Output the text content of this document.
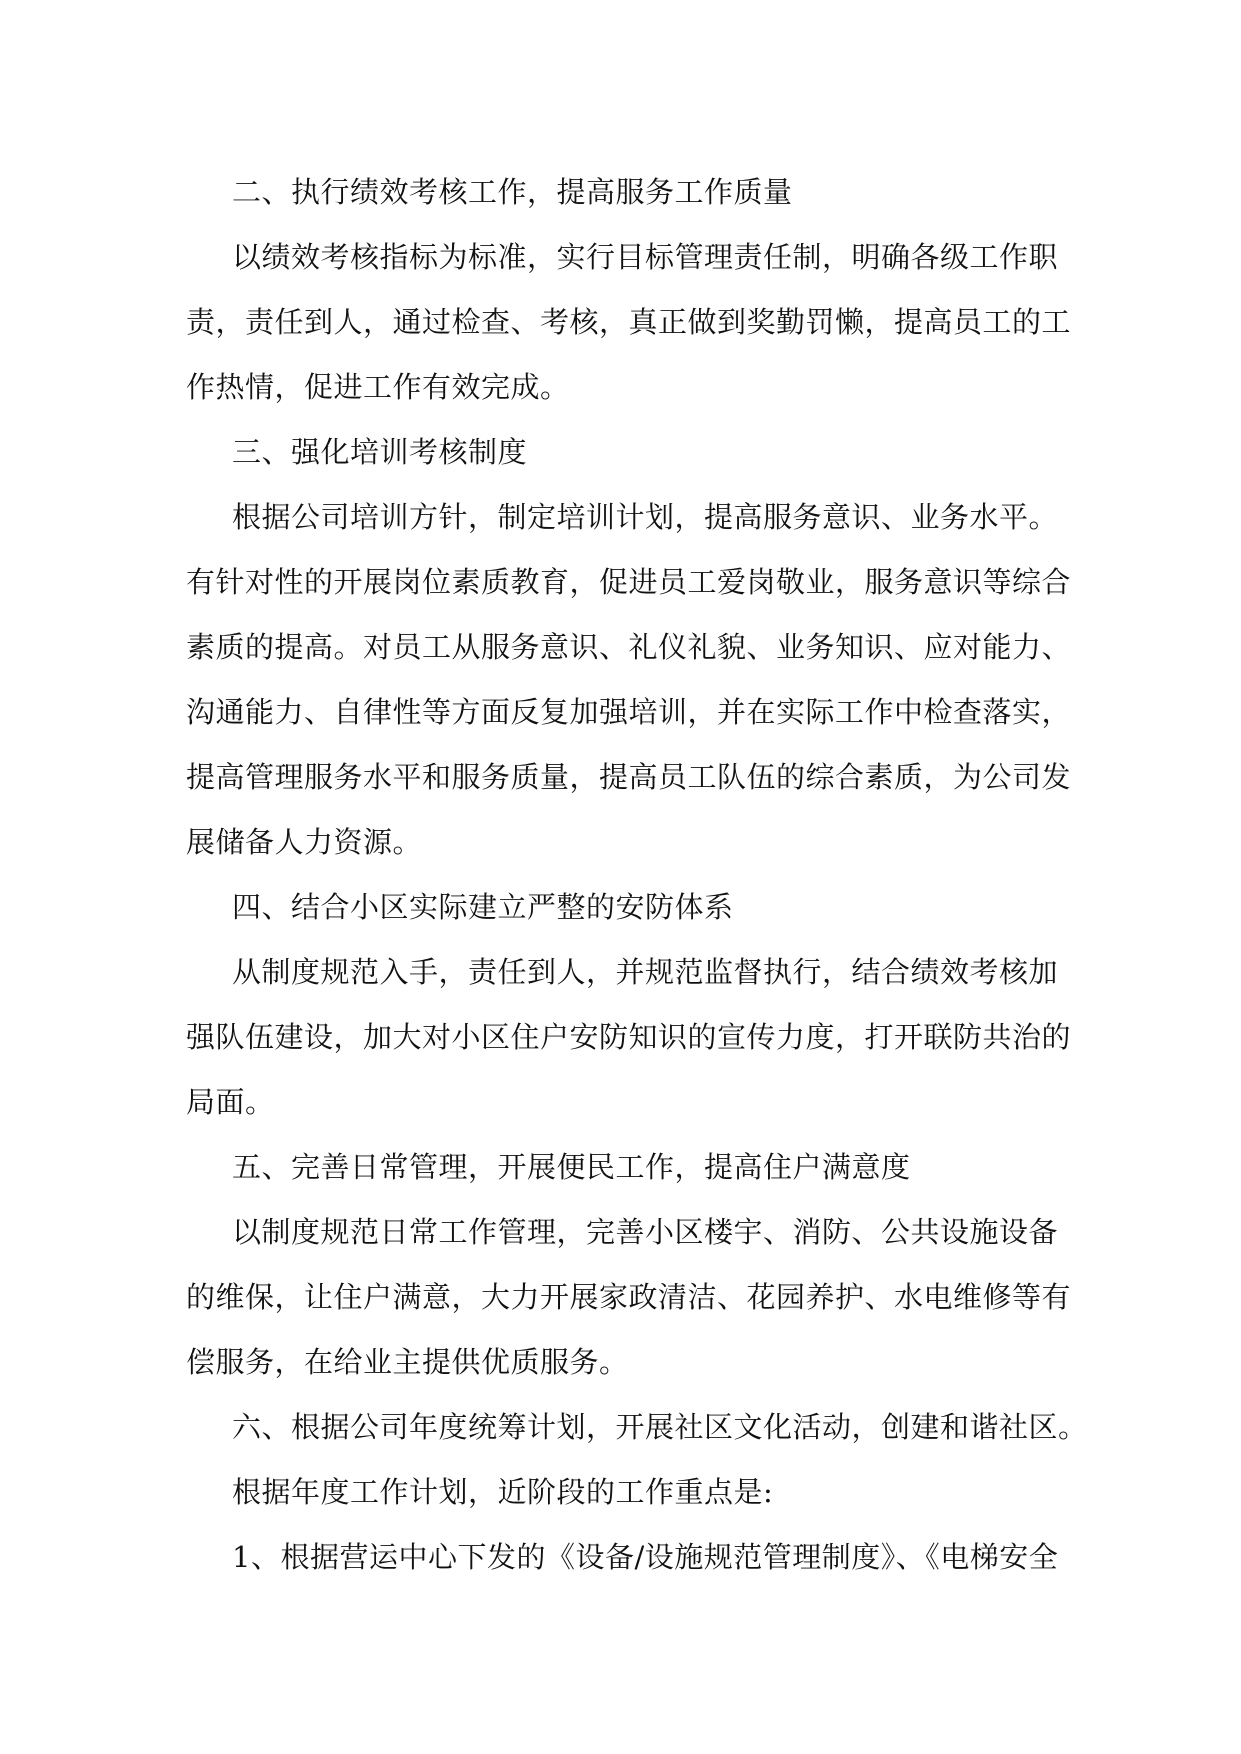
二、执行绩效考核工作，提高服务工作质量
以绩效考核指标为标准，实行目标管理责任制，明确各级工作职
责，责任到人，通过检查、考核，真正做到奖勤罚懒，提高员工的工
作热情，促进工作有效完成。
三、强化培训考核制度
根据公司培训方针，制定培训计划，提高服务意识、业务水平。
有针对性的开展岗位素质教育，促进员工爱岗敬业，服务意识等综合
素质的提高。对员工从服务意识、礼仪礼貌、业务知识、应对能力、
沟通能力、自律性等方面反复加强培训，并在实际工作中检查落实，
提高管理服务水平和服务质量，提高员工队伍的综合素质，为公司发
展储备人力资源。
四、结合小区实际建立严整的安防体系
从制度规范入手，责任到人，并规范监督执行，结合绩效考核加
强队伍建设，加大对小区住户安防知识的宣传力度，打开联防共治的
局面。
五、完善日常管理，开展便民工作，提高住户满意度
以制度规范日常工作管理，完善小区楼宇、消防、公共设施设备
的维保，让住户满意，大力开展家政清洁、花园养护、水电维修等有
偿服务，在给业主提供优质服务。
六、根据公司年度统筹计划，开展社区文化活动，创建和谐社区。
根据年度工作计划，近阶段的工作重点是:
1、根据营运中心下发的《设备/设施规范管理制度》、《电梯安全
